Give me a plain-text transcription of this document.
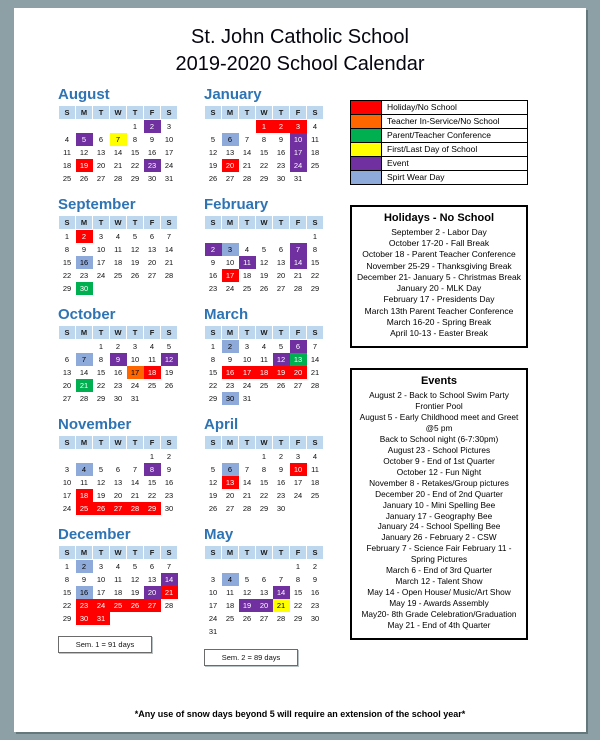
St. John Catholic School
2019-2020 School Calendar
August
S	M	T	W	T	F	S
				1	2	3
4	5	6	7	8	9	10
11	12	13	14	15	16	17
18	19	20	21	22	23	24
25	26	27	28	29	30	31
September
S	M	T	W	T	F	S
1	2	3	4	5	6	7
8	9	10	11	12	13	14
15	16	17	18	19	20	21
22	23	24	25	26	27	28
29	30					
October
S	M	T	W	T	F	S
		1	2	3	4	5
6	7	8	9	10	11	12
13	14	15	16	17	18	19
20	21	22	23	24	25	26
27	28	29	30	31		
November
S	M	T	W	T	F	S
					1	2
3	4	5	6	7	8	9
10	11	12	13	14	15	16
17	18	19	20	21	22	23
24	25	26	27	28	29	30
December
S	M	T	W	T	F	S
1	2	3	4	5	6	7
8	9	10	11	12	13	14
15	16	17	18	19	20	21
22	23	24	25	26	27	28
29	30	31				
Sem. 1 = 91 days
January
S	M	T	W	T	F	S
			1	2	3	4
5	6	7	8	9	10	11
12	13	14	15	16	17	18
19	20	21	22	23	24	25
26	27	28	29	30	31	
February
S	M	T	W	T	F	S
						1
2	3	4	5	6	7	8
9	10	11	12	13	14	15
16	17	18	19	20	21	22
23	24	25	26	27	28	29
March
S	M	T	W	T	F	S
1	2	3	4	5	6	7
8	9	10	11	12	13	14
15	16	17	18	19	20	21
22	23	24	25	26	27	28
29	30	31				
April
S	M	T	W	T	F	S
			1	2	3	4
5	6	7	8	9	10	11
12	13	14	15	16	17	18
19	20	21	22	23	24	25
26	27	28	29	30		
May
S	M	T	W	T	F	S
					1	2
3	4	5	6	7	8	9
10	11	12	13	14	15	16
17	18	19	20	21	22	23
24	25	26	27	28	29	30
31						
Sem. 2 = 89 days
Holiday/No School
Teacher In-Service/No School
Parent/Teacher Conference
First/Last Day of School
Event
Spirt Wear Day
Holidays - No School
September 2 - Labor Day
October 17-20 - Fall Break
October 18 - Parent Teacher Conference
November 25-29 - Thanksgiving Break
December 21- January 5 - Christmas Break
January 20 - MLK Day
February 17 - Presidents Day
March 13th Parent Teacher Conference
March 16-20 - Spring Break
April 10-13 - Easter Break
Events
August 2 - Back to School Swim Party Frontier Pool
August 5 - Early Childhood meet and Greet @5 pm
Back to School night (6-7:30pm)
August 23 - School Pictures
October 9 - End of 1st Quarter
October 12 - Fun Night
November 8 - Retakes/Group pictures
December 20 - End of 2nd Quarter
January 10 - Mini Spelling Bee
January 17 - Geography Bee
January 24 - School Spelling Bee
January 26 - February 2 - CSW
February 7 - Science Fair February 11 - Spring Pictures
March 6 - End of 3rd Quarter
March 12 - Talent Show
May 14 - Open House/ Music/Art Show
May 19 - Awards Assembly
May20- 8th Grade Celebration/Graduation
May 21 - End of 4th Quarter
*Any use of snow days beyond 5 will require an extension of the school year*
